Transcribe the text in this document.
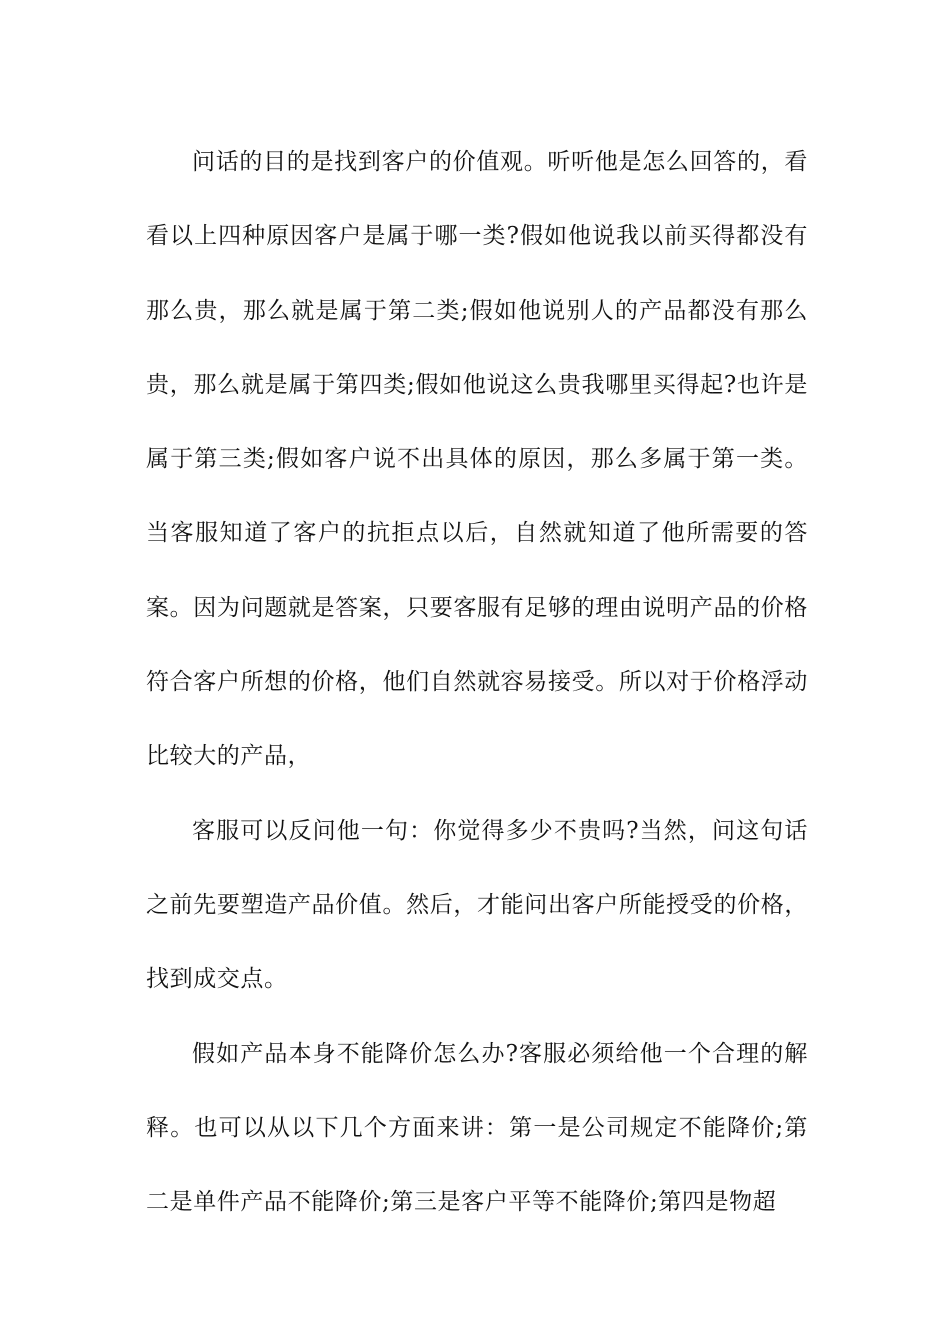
问话的目的是找到客户的价值观。听听他是怎么回答的，看看以上四种原因客户是属于哪一类?假如他说我以前买得都没有那么贵，那么就是属于第二类;假如他说别人的产品都没有那么贵，那么就是属于第四类;假如他说这么贵我哪里买得起?也许是属于第三类;假如客户说不出具体的原因，那么多属于第一类。当客服知道了客户的抗拒点以后，自然就知道了他所需要的答案。因为问题就是答案，只要客服有足够的理由说明产品的价格符合客户所想的价格，他们自然就容易接受。所以对于价格浮动比较大的产品，

客服可以反问他一句：你觉得多少不贵吗?当然，问这句话之前先要塑造产品价值。然后，才能问出客户所能授受的价格，找到成交点。

假如产品本身不能降价怎么办?客服必须给他一个合理的解释。也可以从以下几个方面来讲：第一是公司规定不能降价;第二是单件产品不能降价;第三是客户平等不能降价;第四是物超
